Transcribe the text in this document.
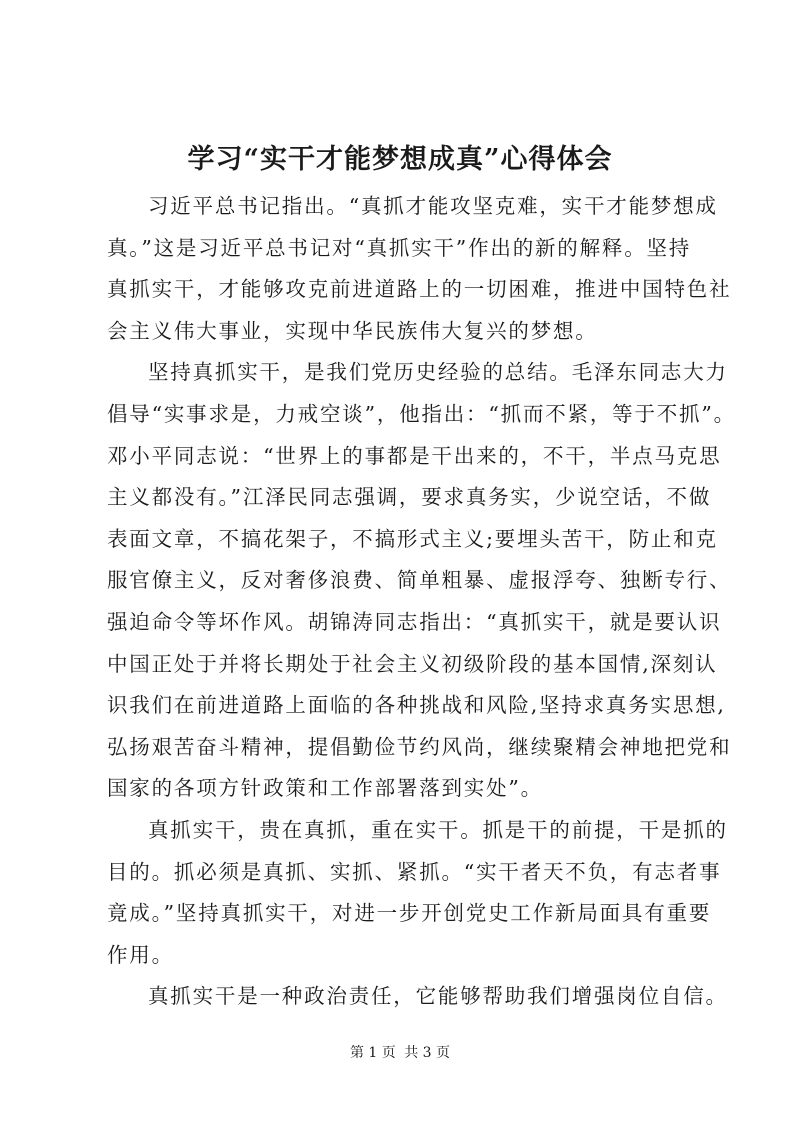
学习“实干才能梦想成真”心得体会
习近平总书记指出。“真抓才能攻坚克难，实干才能梦想成
真。”这是习近平总书记对“真抓实干”作出的新的解释。坚持
真抓实干，才能够攻克前进道路上的一切困难，推进中国特色社
会主义伟大事业，实现中华民族伟大复兴的梦想。
坚持真抓实干，是我们党历史经验的总结。毛泽东同志大力
倡导“实事求是，力戒空谈”，他指出：“抓而不紧，等于不抓”。
邓小平同志说：“世界上的事都是干出来的，不干，半点马克思
主义都没有。”江泽民同志强调，要求真务实，少说空话，不做
表面文章，不搞花架子，不搞形式主义;要埋头苦干，防止和克
服官僚主义，反对奢侈浪费、简单粗暴、虚报浮夸、独断专行、
强迫命令等坏作风。胡锦涛同志指出：“真抓实干，就是要认识
中国正处于并将长期处于社会主义初级阶段的基本国情,深刻认
识我们在前进道路上面临的各种挑战和风险,坚持求真务实思想,
弘扬艰苦奋斗精神，提倡勤俭节约风尚，继续聚精会神地把党和
国家的各项方针政策和工作部署落到实处”。
真抓实干，贵在真抓，重在实干。抓是干的前提，干是抓的
目的。抓必须是真抓、实抓、紧抓。“实干者天不负，有志者事
竟成。”坚持真抓实干，对进一步开创党史工作新局面具有重要
作用。
真抓实干是一种政治责任，它能够帮助我们增强岗位自信。
第 1 页 共 3 页
